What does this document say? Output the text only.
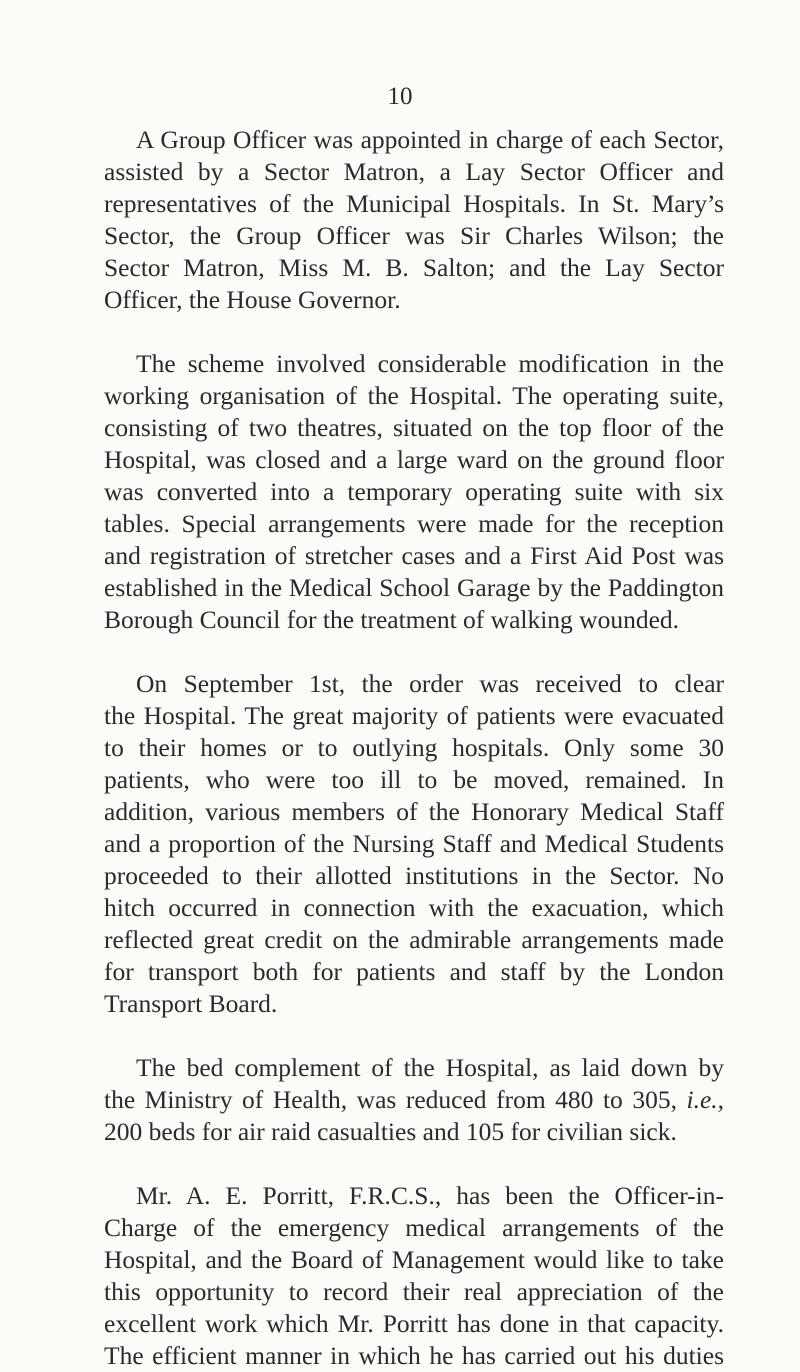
10

A Group Officer was appointed in charge of each Sector,
assisted by a Sector Matron, a Lay Sector Officer and
representatives of the Municipal Hospitals. In St. Mary’s
Sector, the Group Officer was Sir Charles Wilson; the
Sector Matron, Miss M. B. Salton; and the Lay Sector
Officer, the House Governor.

The scheme involved considerable modification in the
working organisation of the Hospital. The operating suite,
consisting of two theatres, situated on the top floor of the
Hospital, was closed and a large ward on the ground floor
was converted into a temporary operating suite with six
tables. Special arrangements were made for the reception
and registration of stretcher cases and a First Aid Post was
established in the Medical School Garage by the Paddington
Borough Council for the treatment of walking wounded.

On September 1st, the order was received to clear
the Hospital. The great majority of patients were evacuated
to their homes or to outlying hospitals. Only some 30
patients, who were too ill to be moved, remained. In
addition, various members of the Honorary Medical Staff
and a proportion of the Nursing Staff and Medical Students
proceeded to their allotted institutions in the Sector. No
hitch occurred in connection with the exacuation, which
reflected great credit on the admirable arrangements made
for transport both for patients and staff by the London
Transport Board.

The bed complement of the Hospital, as laid down by
the Ministry of Health, was reduced from 480 to 305, i.e.,
200 beds for air raid casualties and 105 for civilian sick.

Mr. A. E. Porritt, F.R.C.S., has been the Officer-in-
Charge of the emergency medical arrangements of the
Hospital, and the Board of Management would like to take
this opportunity to record their real appreciation of the
excellent work which Mr. Porritt has done in that capacity.
The efficient manner in which he has carried out his duties
